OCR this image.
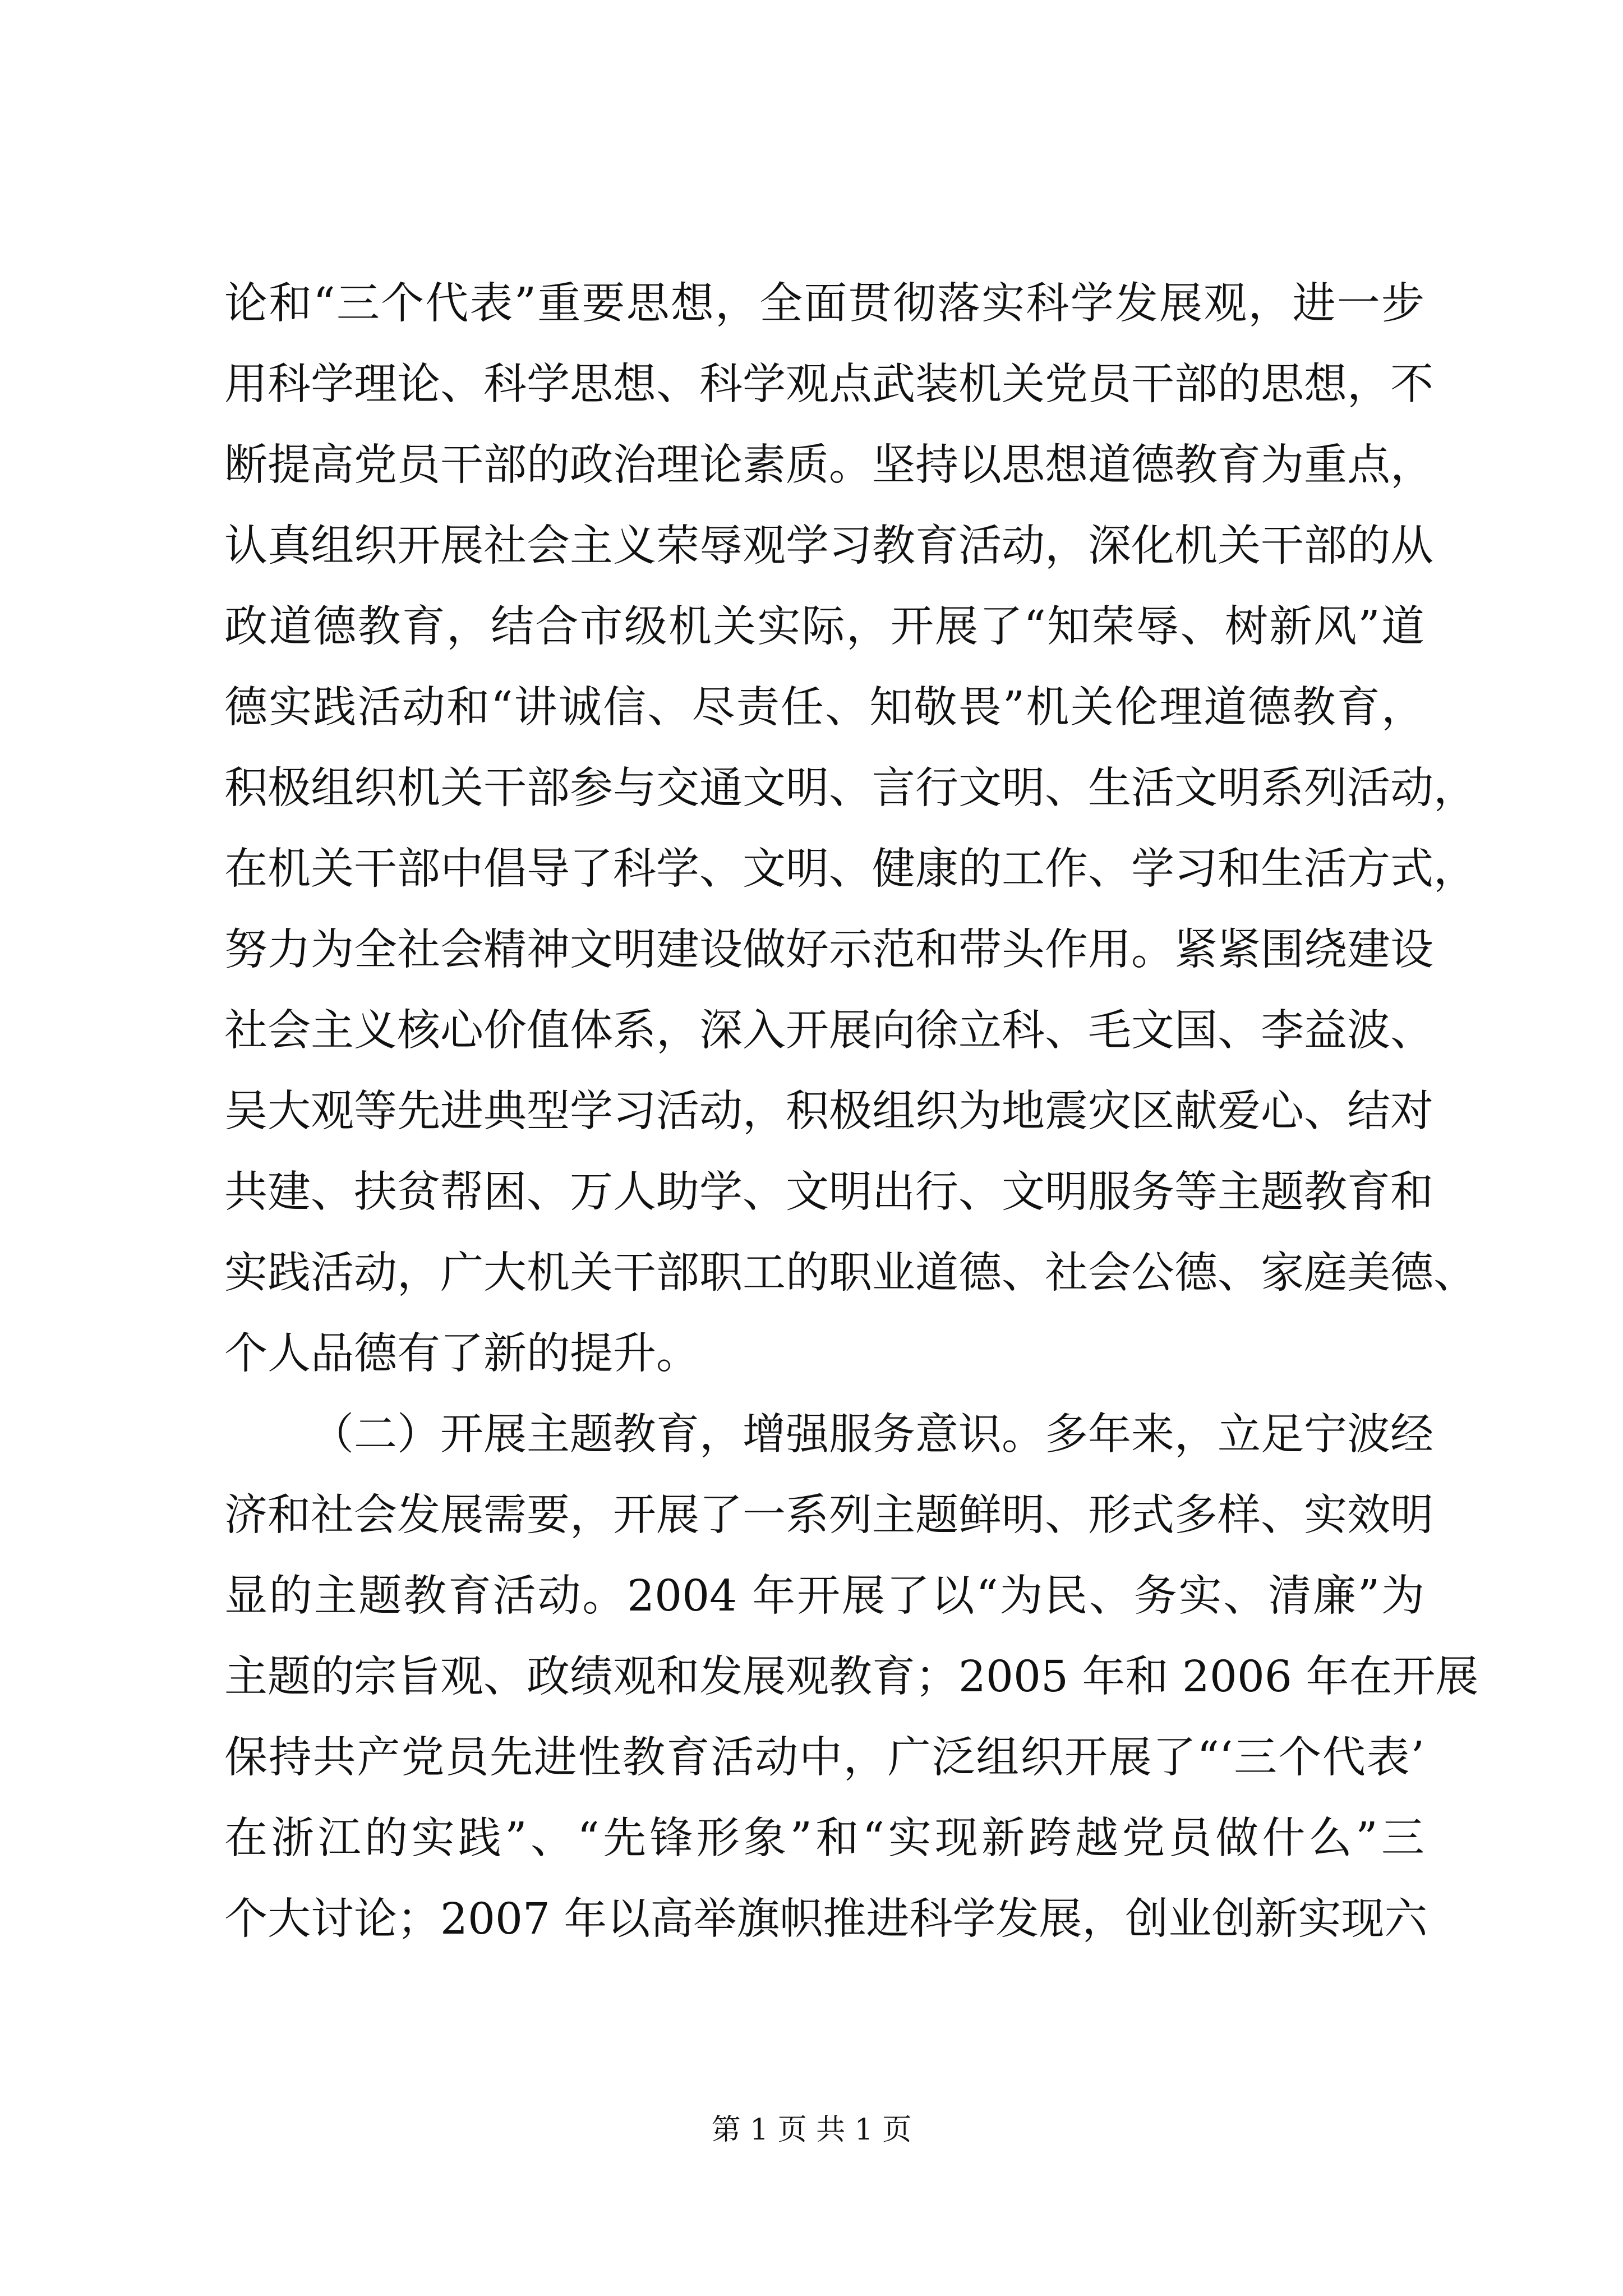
论和“三个代表”重要思想，全面贯彻落实科学发展观，进一步
用科学理论、科学思想、科学观点武装机关党员干部的思想，不
断提高党员干部的政治理论素质。坚持以思想道德教育为重点，
认真组织开展社会主义荣辱观学习教育活动，深化机关干部的从
政道德教育，结合市级机关实际，开展了“知荣辱、树新风”道
德实践活动和“讲诚信、尽责任、知敬畏”机关伦理道德教育，
积极组织机关干部参与交通文明、言行文明、生活文明系列活动，
在机关干部中倡导了科学、文明、健康的工作、学习和生活方式，
努力为全社会精神文明建设做好示范和带头作用。紧紧围绕建设
社会主义核心价值体系，深入开展向徐立科、毛文国、李益波、
吴大观等先进典型学习活动，积极组织为地震灾区献爱心、结对
共建、扶贫帮困、万人助学、文明出行、文明服务等主题教育和
实践活动，广大机关干部职工的职业道德、社会公德、家庭美德、
个人品德有了新的提升。
（二）开展主题教育，增强服务意识。多年来，立足宁波经
济和社会发展需要，开展了一系列主题鲜明、形式多样、实效明
显的主题教育活动。2004 年开展了以“为民、务实、清廉”为
主题的宗旨观、政绩观和发展观教育；2005 年和 2006 年在开展
保持共产党员先进性教育活动中，广泛组织开展了“‘三个代表’
在浙江的实践”、“先锋形象”和“实现新跨越党员做什么”三
个大讨论；2007 年以高举旗帜推进科学发展，创业创新实现六
第 1 页 共 1 页
